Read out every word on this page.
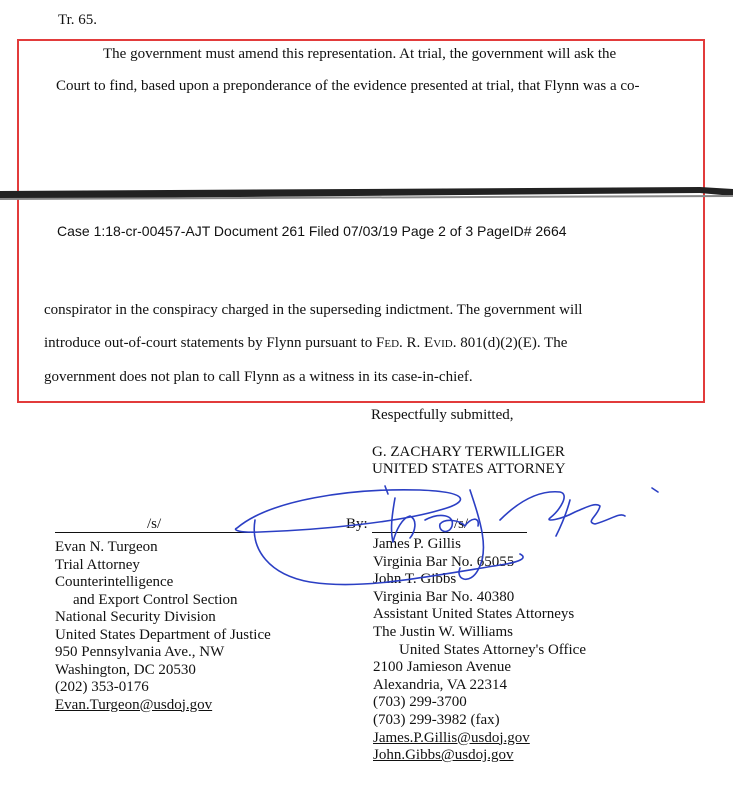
Tr. 65.
The government must amend this representation. At trial, the government will ask the
Court to find, based upon a preponderance of the evidence presented at trial, that Flynn was a co-
Case 1:18-cr-00457-AJT Document 261 Filed 07/03/19 Page 2 of 3 PageID# 2664
conspirator in the conspiracy charged in the superseding indictment. The government will
introduce out-of-court statements by Flynn pursuant to Fed. R. Evid. 801(d)(2)(E). The
government does not plan to call Flynn as a witness in its case-in-chief.
Respectfully submitted,
G. ZACHARY TERWILLIGER
UNITED STATES ATTORNEY
/s/	By:	/s/
Evan N. Turgeon
Trial Attorney
Counterintelligence
and Export Control Section
National Security Division
United States Department of Justice
950 Pennsylvania Ave., NW
Washington, DC 20530
(202) 353-0176
Evan.Turgeon@usdoj.gov
James P. Gillis
Virginia Bar No. 65055
John T. Gibbs
Virginia Bar No. 40380
Assistant United States Attorneys
The Justin W. Williams
United States Attorney's Office
2100 Jamieson Avenue
Alexandria, VA 22314
(703) 299-3700
(703) 299-3982 (fax)
James.P.Gillis@usdoj.gov
John.Gibbs@usdoj.gov
